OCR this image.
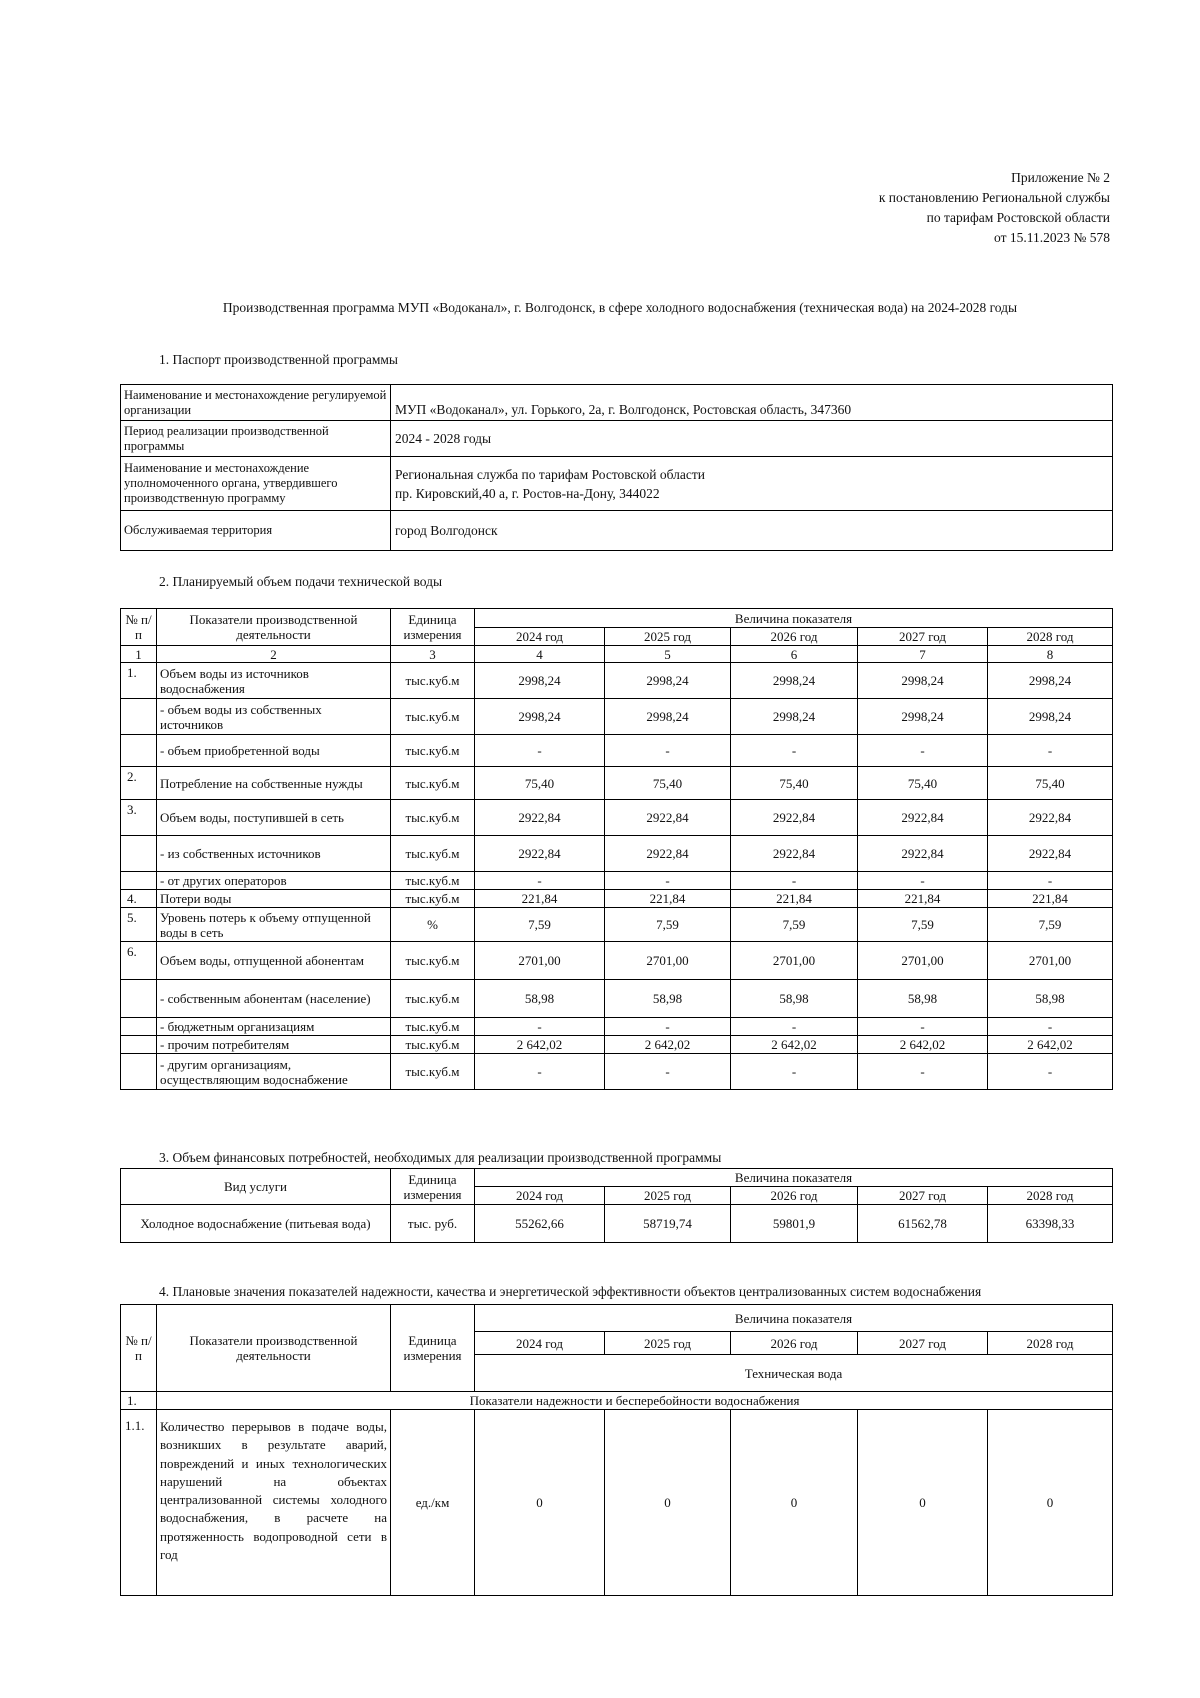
Приложение № 2
к постановлению Региональной службы
по тарифам Ростовской области
от 15.11.2023 № 578
Производственная программа МУП «Водоканал», г. Волгодонск, в сфере холодного водоснабжения (техническая вода) на 2024-2028 годы
1. Паспорт производственной программы
Наименование и местонахождение регулируемой организации	МУП «Водоканал», ул. Горького, 2а, г. Волгодонск, Ростовская область, 347360

Период реализации производственной программы	2024 - 2028 годы
Наименование и местонахождение уполномоченного органа, утвердившего производственную программу	Региональная служба по тарифам Ростовской области
пр. Кировский,40 а, г. Ростов-на-Дону, 344022

Обслуживаемая территория	город Волгодонск
2. Планируемый объем подачи технической воды
№ п/п	Показатели производственной деятельности	Единица измерения	Величина показателя				
			2024 год	2025 год	2026 год	2027 год	2028 год
1	2	3	4	5	6	7	8
1.	Объем воды из источников водоснабжения	тыс.куб.м	2998,24	2998,24	2998,24	2998,24	2998,24
	- объем воды из собственных источников	тыс.куб.м	2998,24	2998,24	2998,24	2998,24	2998,24
	- объем приобретенной воды	тыс.куб.м	-	-	-	-	-
2.	Потребление на собственные нужды	тыс.куб.м	75,40	75,40	75,40	75,40	75,40
3.	Объем воды, поступившей в сеть	тыс.куб.м	2922,84	2922,84	2922,84	2922,84	2922,84
	- из собственных источников	тыс.куб.м	2922,84	2922,84	2922,84	2922,84	2922,84
	- от других операторов	тыс.куб.м	-	-	-	-	-
4.	Потери воды	тыс.куб.м	221,84	221,84	221,84	221,84	221,84
5.	Уровень потерь к объему отпущенной воды в сеть	%	7,59	7,59	7,59	7,59	7,59
6.	Объем воды, отпущенной абонентам	тыс.куб.м	2701,00	2701,00	2701,00	2701,00	2701,00
	- собственным абонентам (население)	тыс.куб.м	58,98	58,98	58,98	58,98	58,98
	- бюджетным организациям	тыс.куб.м	-	-	-	-	-
	- прочим потребителям	тыс.куб.м	2 642,02	2 642,02	2 642,02	2 642,02	2 642,02
	- другим организациям, осуществляющим водоснабжение	тыс.куб.м	-	-	-	-	-
3. Объем финансовых потребностей, необходимых для реализации производственной программы
Вид услуги	Единица измерения	Величина показателя				
		2024 год	2025 год	2026 год	2027 год	2028 год
Холодное водоснабжение (питьевая вода)	тыс. руб.	55262,66	58719,74	59801,9	61562,78	63398,33
4. Плановые значения показателей надежности, качества и энергетической эффективности объектов централизованных систем водоснабжения
№ п/п	Показатели производственной деятельности	Единица измерения	Величина показателя				
			2024 год	2025 год	2026 год	2027 год	2028 год
			Техническая вода				
1.	Показатели надежности и бесперебойности водоснабжения						
1.1.	Количество перерывов в подаче воды, возникших в результате аварий, повреждений и иных технологических нарушений на объектах централизованной системы холодного водоснабжения, в расчете на протяженность водопроводной сети в год	ед./км	0	0	0	0	0
